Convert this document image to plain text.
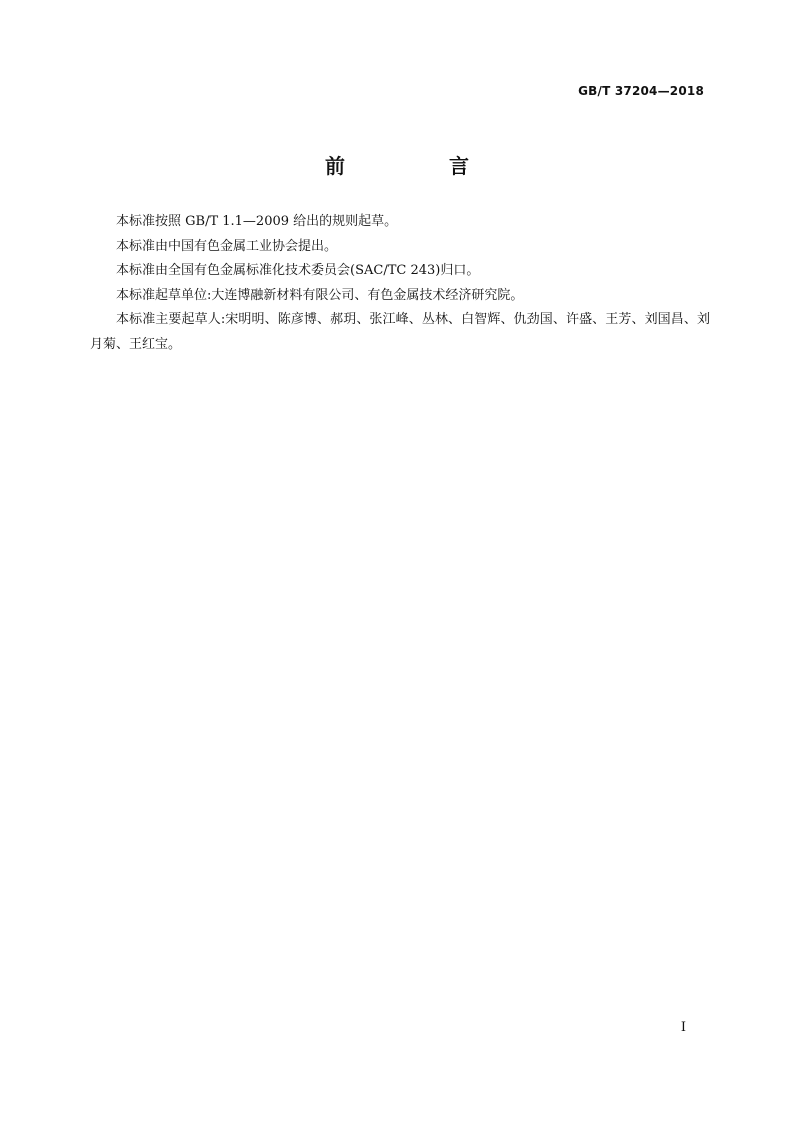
GB/T 37204—2018
前　言

本标准按照 GB/T 1.1—2009 给出的规则起草。

本标准由中国有色金属工业协会提出。

本标准由全国有色金属标准化技术委员会(SAC/TC 243)归口。

本标准起草单位:大连博融新材料有限公司、有色金属技术经济研究院。

本标准主要起草人:宋明明、陈彦博、郝玥、张江峰、丛林、白智辉、仇劲国、许盛、王芳、刘国昌、刘月菊、王红宝。

I
